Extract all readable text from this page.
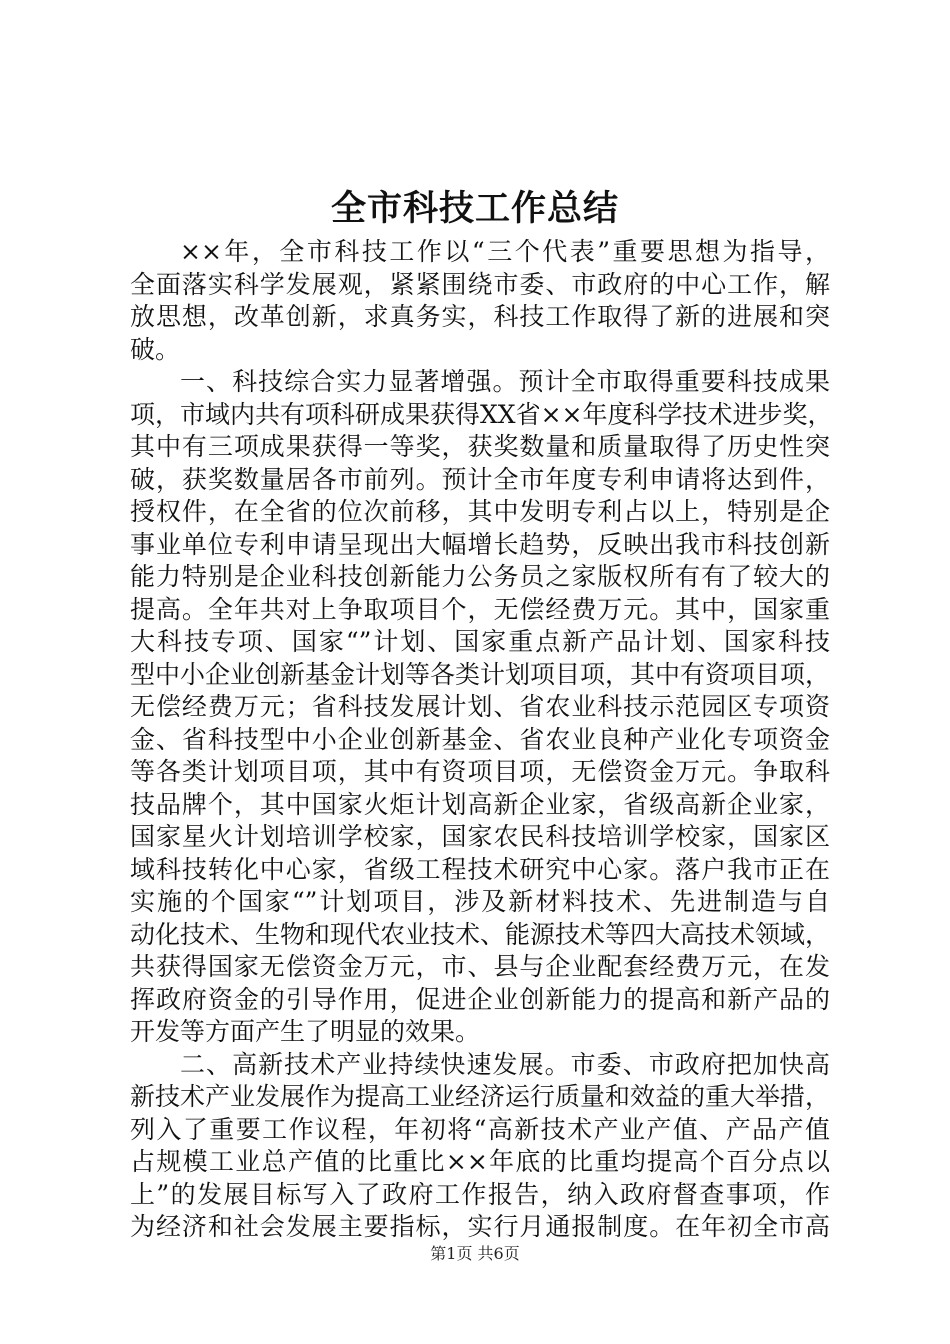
全市科技工作总结
××年，全市科技工作以“三个代表”重要思想为指导，
全面落实科学发展观，紧紧围绕市委、市政府的中心工作，解
放思想，改革创新，求真务实，科技工作取得了新的进展和突
破。
一、科技综合实力显著增强。预计全市取得重要科技成果
项，市域内共有项科研成果获得XX省××年度科学技术进步奖，
其中有三项成果获得一等奖，获奖数量和质量取得了历史性突
破，获奖数量居各市前列。预计全市年度专利申请将达到件，
授权件，在全省的位次前移，其中发明专利占以上，特别是企
事业单位专利申请呈现出大幅增长趋势，反映出我市科技创新
能力特别是企业科技创新能力公务员之家版权所有有了较大的
提高。全年共对上争取项目个，无偿经费万元。其中，国家重
大科技专项、国家“”计划、国家重点新产品计划、国家科技
型中小企业创新基金计划等各类计划项目项，其中有资项目项，
无偿经费万元；省科技发展计划、省农业科技示范园区专项资
金、省科技型中小企业创新基金、省农业良种产业化专项资金
等各类计划项目项，其中有资项目项，无偿资金万元。争取科
技品牌个，其中国家火炬计划高新企业家，省级高新企业家，
国家星火计划培训学校家，国家农民科技培训学校家，国家区
域科技转化中心家，省级工程技术研究中心家。落户我市正在
实施的个国家“”计划项目，涉及新材料技术、先进制造与自
动化技术、生物和现代农业技术、能源技术等四大高技术领域，
共获得国家无偿资金万元，市、县与企业配套经费万元，在发
挥政府资金的引导作用，促进企业创新能力的提高和新产品的
开发等方面产生了明显的效果。
二、高新技术产业持续快速发展。市委、市政府把加快高
新技术产业发展作为提高工业经济运行质量和效益的重大举措，
列入了重要工作议程，年初将“高新技术产业产值、产品产值
占规模工业总产值的比重比××年底的比重均提高个百分点以
上”的发展目标写入了政府工作报告，纳入政府督查事项，作
为经济和社会发展主要指标，实行月通报制度。在年初全市高
第1页 共6页
